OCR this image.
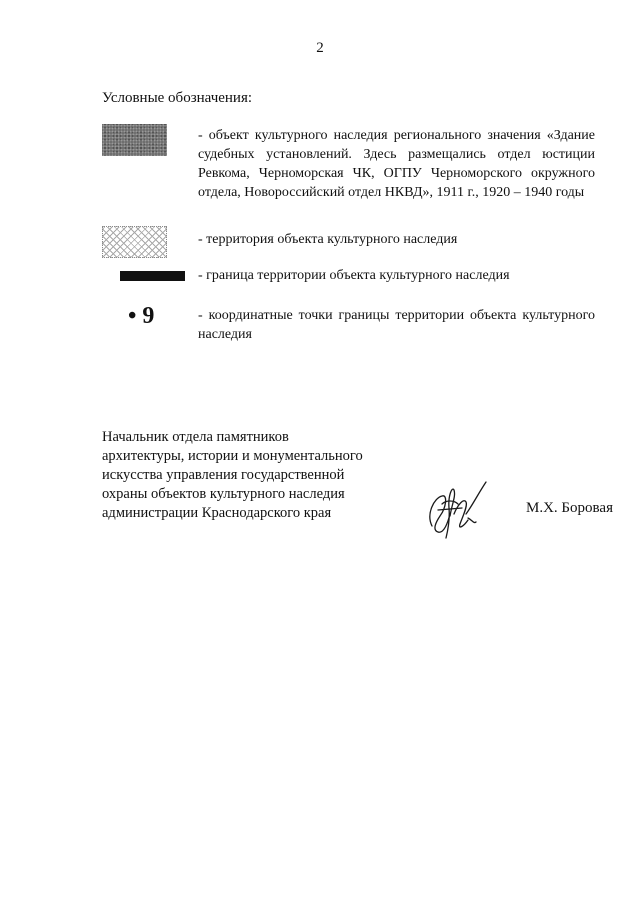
2
Условные обозначения:
- объект культурного наследия регионального значения «Здание судебных установлений. Здесь размещались отдел юстиции Ревкома, Черноморская ЧК, ОГПУ Черноморского окружного отдела, Новороссийский отдел НКВД», 1911 г., 1920 – 1940 годы
- территория объекта культурного наследия
- граница территории объекта культурного наследия
• 9	- координатные точки границы территории объекта культурного наследия
Начальник отдела памятников
архитектуры, истории и монументального
искусства управления государственной
охраны объектов культурного наследия
администрации Краснодарского края	М.Х. Боровая
